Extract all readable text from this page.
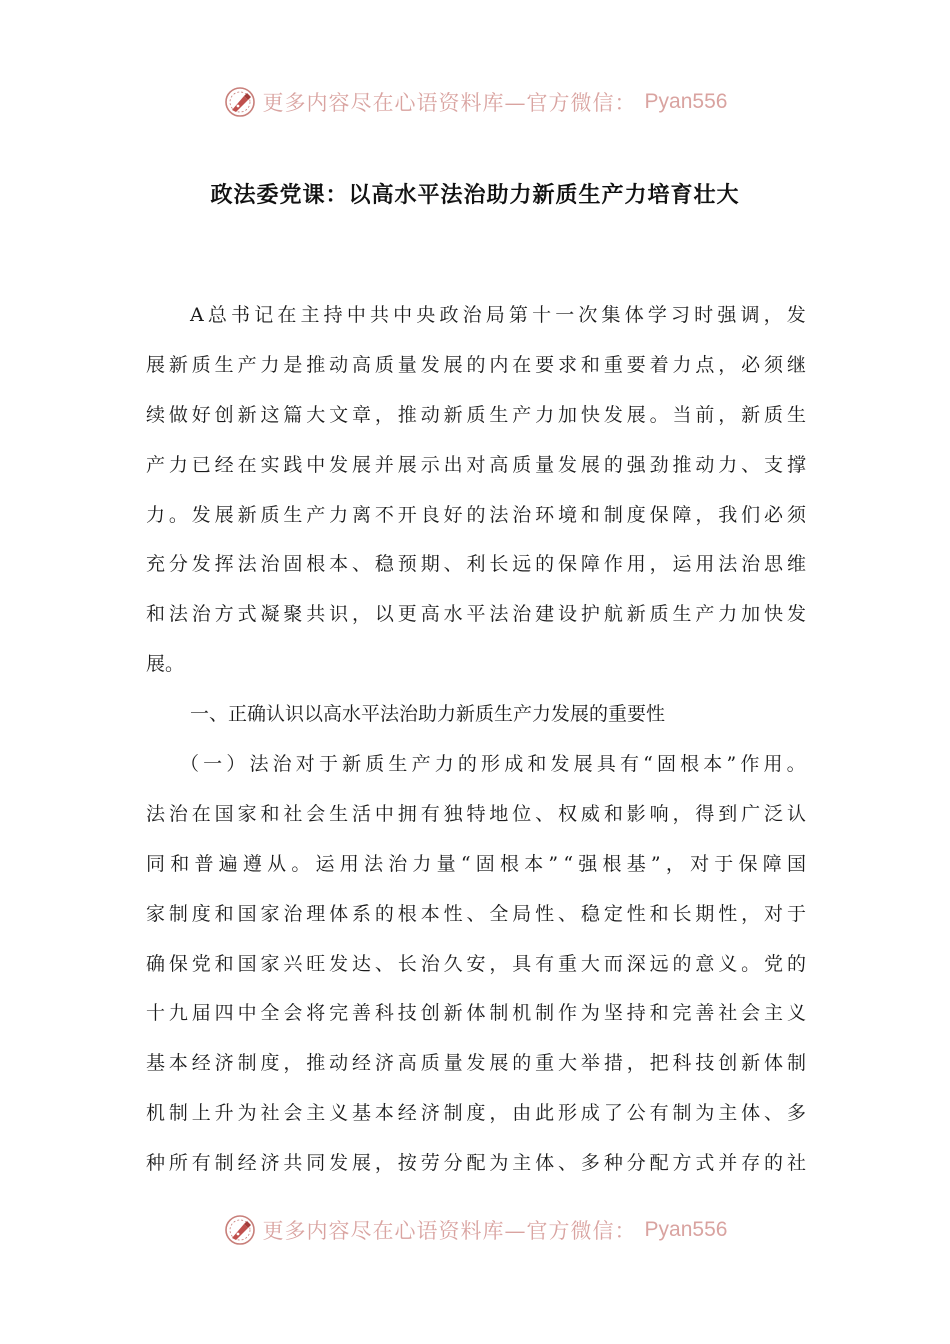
更多内容尽在心语资料库—官方微信： Pyan556
政法委党课：以高水平法治助力新质生产力培育壮大
A 总 书 记 在 主 持 中 共 中 央 政 治 局 第 十 一 次 集 体 学 习 时 强 调 ， 发
展 新 质 生 产 力 是 推 动 高 质 量 发 展 的 内 在 要 求 和 重 要 着 力 点 ， 必 须 继
续 做 好 创 新 这 篇 大 文 章 ， 推 动 新 质 生 产 力 加 快 发 展 。 当 前 ， 新 质 生
产 力 已 经 在 实 践 中 发 展 并 展 示 出 对 高 质 量 发 展 的 强 劲 推 动 力 、 支 撑
力 。 发 展 新 质 生 产 力 离 不 开 良 好 的 法 治 环 境 和 制 度 保 障 ， 我 们 必 须
充 分 发 挥 法 治 固 根 本 、 稳 预 期 、 利 长 远 的 保 障 作 用 ， 运 用 法 治 思 维
和 法 治 方 式 凝 聚 共 识 ， 以 更 高 水 平 法 治 建 设 护 航 新 质 生 产 力 加 快 发
展。
一、正确认识以高水平法治助力新质生产力发展的重要性
（ 一 ） 法 治 对 于 新 质 生 产 力 的 形 成 和 发 展 具 有 “ 固 根 本 ” 作 用 。
法 治 在 国 家 和 社 会 生 活 中 拥 有 独 特 地 位 、 权 威 和 影 响 ， 得 到 广 泛 认
同 和 普 遍 遵 从 。 运 用 法 治 力 量 “ 固 根 本 ” “ 强 根 基 ” ， 对 于 保 障 国
家 制 度 和 国 家 治 理 体 系 的 根 本 性 、 全 局 性 、 稳 定 性 和 长 期 性 ， 对 于
确 保 党 和 国 家 兴 旺 发 达 、 长 治 久 安 ， 具 有 重 大 而 深 远 的 意 义 。 党 的
十 九 届 四 中 全 会 将 完 善 科 技 创 新 体 制 机 制 作 为 坚 持 和 完 善 社 会 主 义
基 本 经 济 制 度 ， 推 动 经 济 高 质 量 发 展 的 重 大 举 措 ， 把 科 技 创 新 体 制
机 制 上 升 为 社 会 主 义 基 本 经 济 制 度 ， 由 此 形 成 了 公 有 制 为 主 体 、 多
种 所 有 制 经 济 共 同 发 展 ， 按 劳 分 配 为 主 体 、 多 种 分 配 方 式 并 存 的 社
更多内容尽在心语资料库—官方微信： Pyan556
